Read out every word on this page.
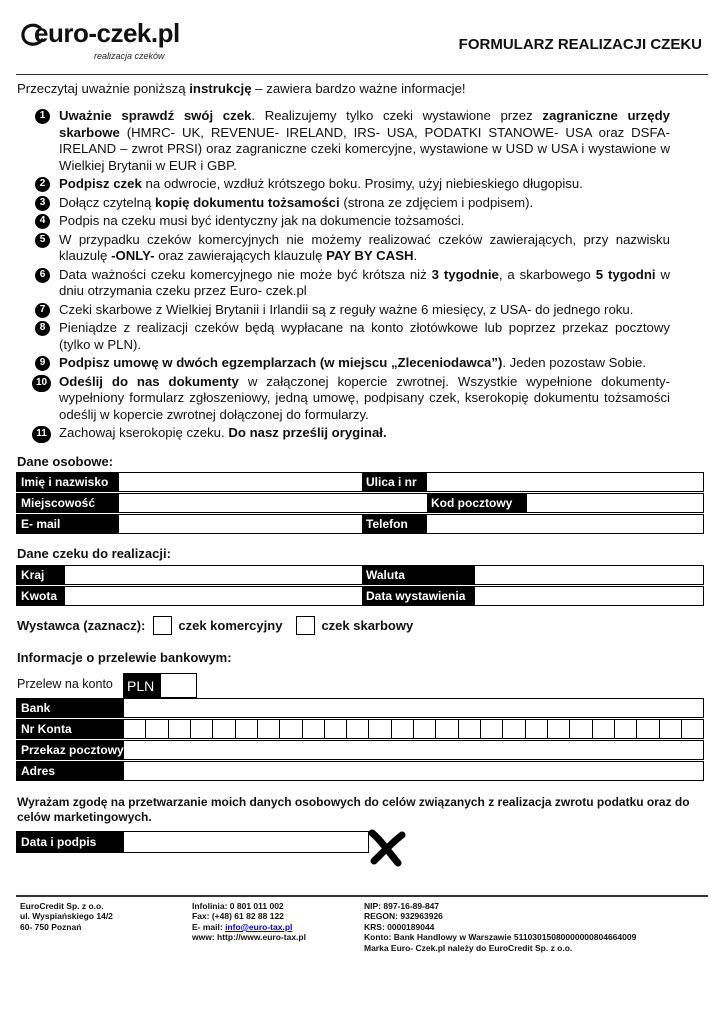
euro-czek.pl
realizacja czeków
FORMULARZ REALIZACJI CZEKU
Przeczytaj uważnie poniższą instrukcję – zawiera bardzo ważne informacje!
1	Uważnie sprawdź swój czek. Realizujemy tylko czeki wystawione przez zagraniczne urzędy skarbowe (HMRC- UK, REVENUE- IRELAND, IRS- USA, PODATKI STANOWE- USA oraz DSFA- IRELAND – zwrot PRSI) oraz zagraniczne czeki komercyjne, wystawione w USD w USA i wystawione w Wielkiej Brytanii w EUR i GBP.
2	Podpisz czek na odwrocie, wzdłuż krótszego boku. Prosimy, użyj niebieskiego długopisu.
3	Dołącz czytelną kopię dokumentu tożsamości (strona ze zdjęciem i podpisem).
4	Podpis na czeku musi być identyczny jak na dokumencie tożsamości.
5	W przypadku czeków komercyjnych nie możemy realizować czeków zawierających, przy nazwisku klauzulę -ONLY- oraz zawierających klauzulę PAY BY CASH.
6	Data ważności czeku komercyjnego nie może być krótsza niż 3 tygodnie, a skarbowego 5 tygodni w dniu otrzymania czeku przez Euro- czek.pl
7	Czeki skarbowe z Wielkiej Brytanii i Irlandii są z reguły ważne 6 miesięcy, z USA- do jednego roku.
8	Pieniądze z realizacji czeków będą wypłacane na konto złotówkowe lub poprzez przekaz pocztowy (tylko w PLN).
9	Podpisz umowę w dwóch egzemplarzach (w miejscu „Zleceniodawca”). Jeden pozostaw Sobie.
10 Odeślij do nas dokumenty w załączonej kopercie zwrotnej. Wszystkie wypełnione dokumenty- wypełniony formularz zgłoszeniowy, jedną umowę, podpisany czek, kserokopię dokumentu tożsamości odeślij w kopercie zwrotnej dołączonej do formularzy.
11 Zachowaj kserokopię czeku. Do nasz prześlij oryginał.
Dane osobowe:
Imię i nazwisko	Ulica i nr
Miejscowość	Kod pocztowy
E- mail	Telefon
Dane czeku do realizacji:
Kraj	Waluta
Kwota	Data wystawienia
Wystawca (zaznacz):	czek komercyjny	czek skarbowy
Informacje o przelewie bankowym:
Przelew na konto PLN
Bank
Nr Konta
Przekaz pocztowy
Adres
Wyrażam zgodę na przetwarzanie moich danych osobowych do celów związanych z realizacja zwrotu podatku oraz do celów marketingowych.
Data i podpis
EuroCredit Sp. z o.o.
ul. Wyspiańskiego 14/2
60- 750 Poznań
Infolinia: 0 801 011 002
Fax: (+48) 61 82 88 122
E- mail: info@euro-tax.pl
www: http://www.euro-tax.pl
NIP: 897-16-89-847
REGON: 932963926
KRS: 0000189044
Konto: Bank Handlowy w Warszawie 51103015080000000804664009
Marka Euro- Czek.pl należy do EuroCredit Sp. z o.o.
